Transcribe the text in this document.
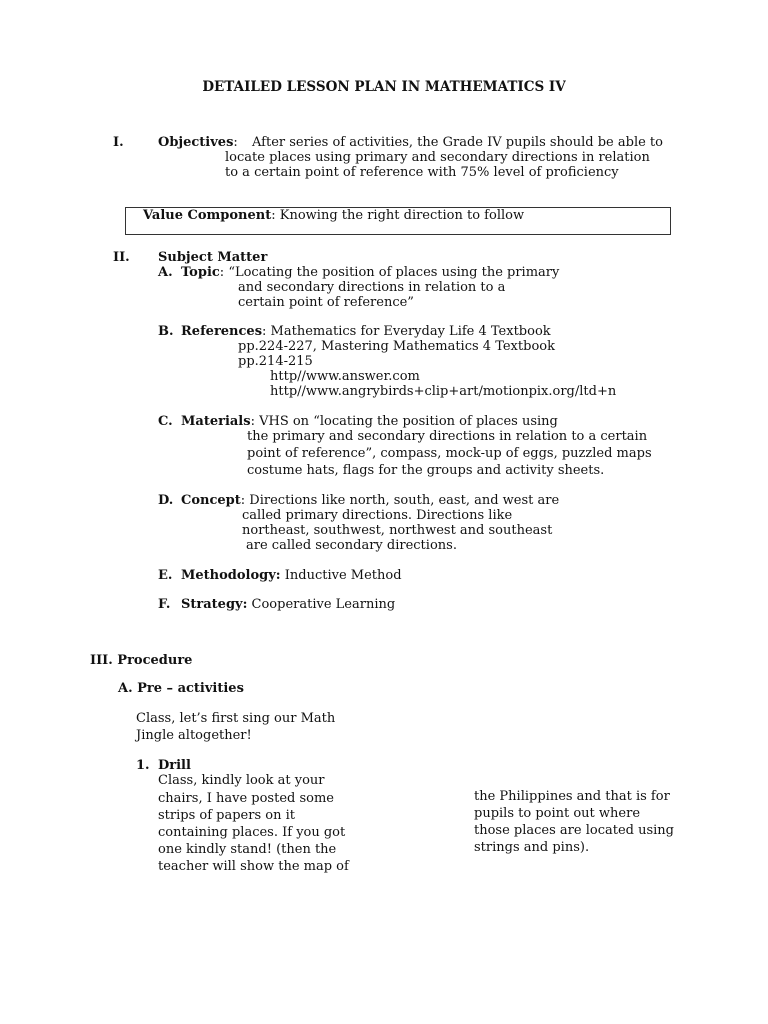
DETAILED LESSON PLAN IN MATHEMATICS IV
I.	Objectives: After series of activities, the Grade IV pupils should be able to
locate places using primary and secondary directions in relation
to a certain point of reference with 75% level of proficiency
Value Component: Knowing the right direction to follow
II. Subject Matter
A. Topic: “Locating the position of places using the primary
and secondary directions in relation to a
certain point of reference”
B. References: Mathematics for Everyday Life 4 Textbook
pp.224-227, Mastering Mathematics 4 Textbook
pp.214-215
http//www.answer.com
http//www.angrybirds+clip+art/motionpix.org/ltd+n
C. Materials: VHS on “locating the position of places using
the primary and secondary directions in relation to a certain
point of reference”, compass, mock-up of eggs, puzzled maps
costume hats, flags for the groups and activity sheets.
D. Concept: Directions like north, south, east, and west are
called primary directions. Directions like
northeast, southwest, northwest and southeast
are called secondary directions.
E. Methodology: Inductive Method
F. Strategy: Cooperative Learning
III. Procedure
A. Pre – activities
Class, let’s first sing our Math
Jingle altogether!
1. Drill
Class, kindly look at your
chairs, I have posted some
strips of papers on it
containing places. If you got
one kindly stand! (then the
teacher will show the map of
the Philippines and that is for
pupils to point out where
those places are located using
strings and pins).
